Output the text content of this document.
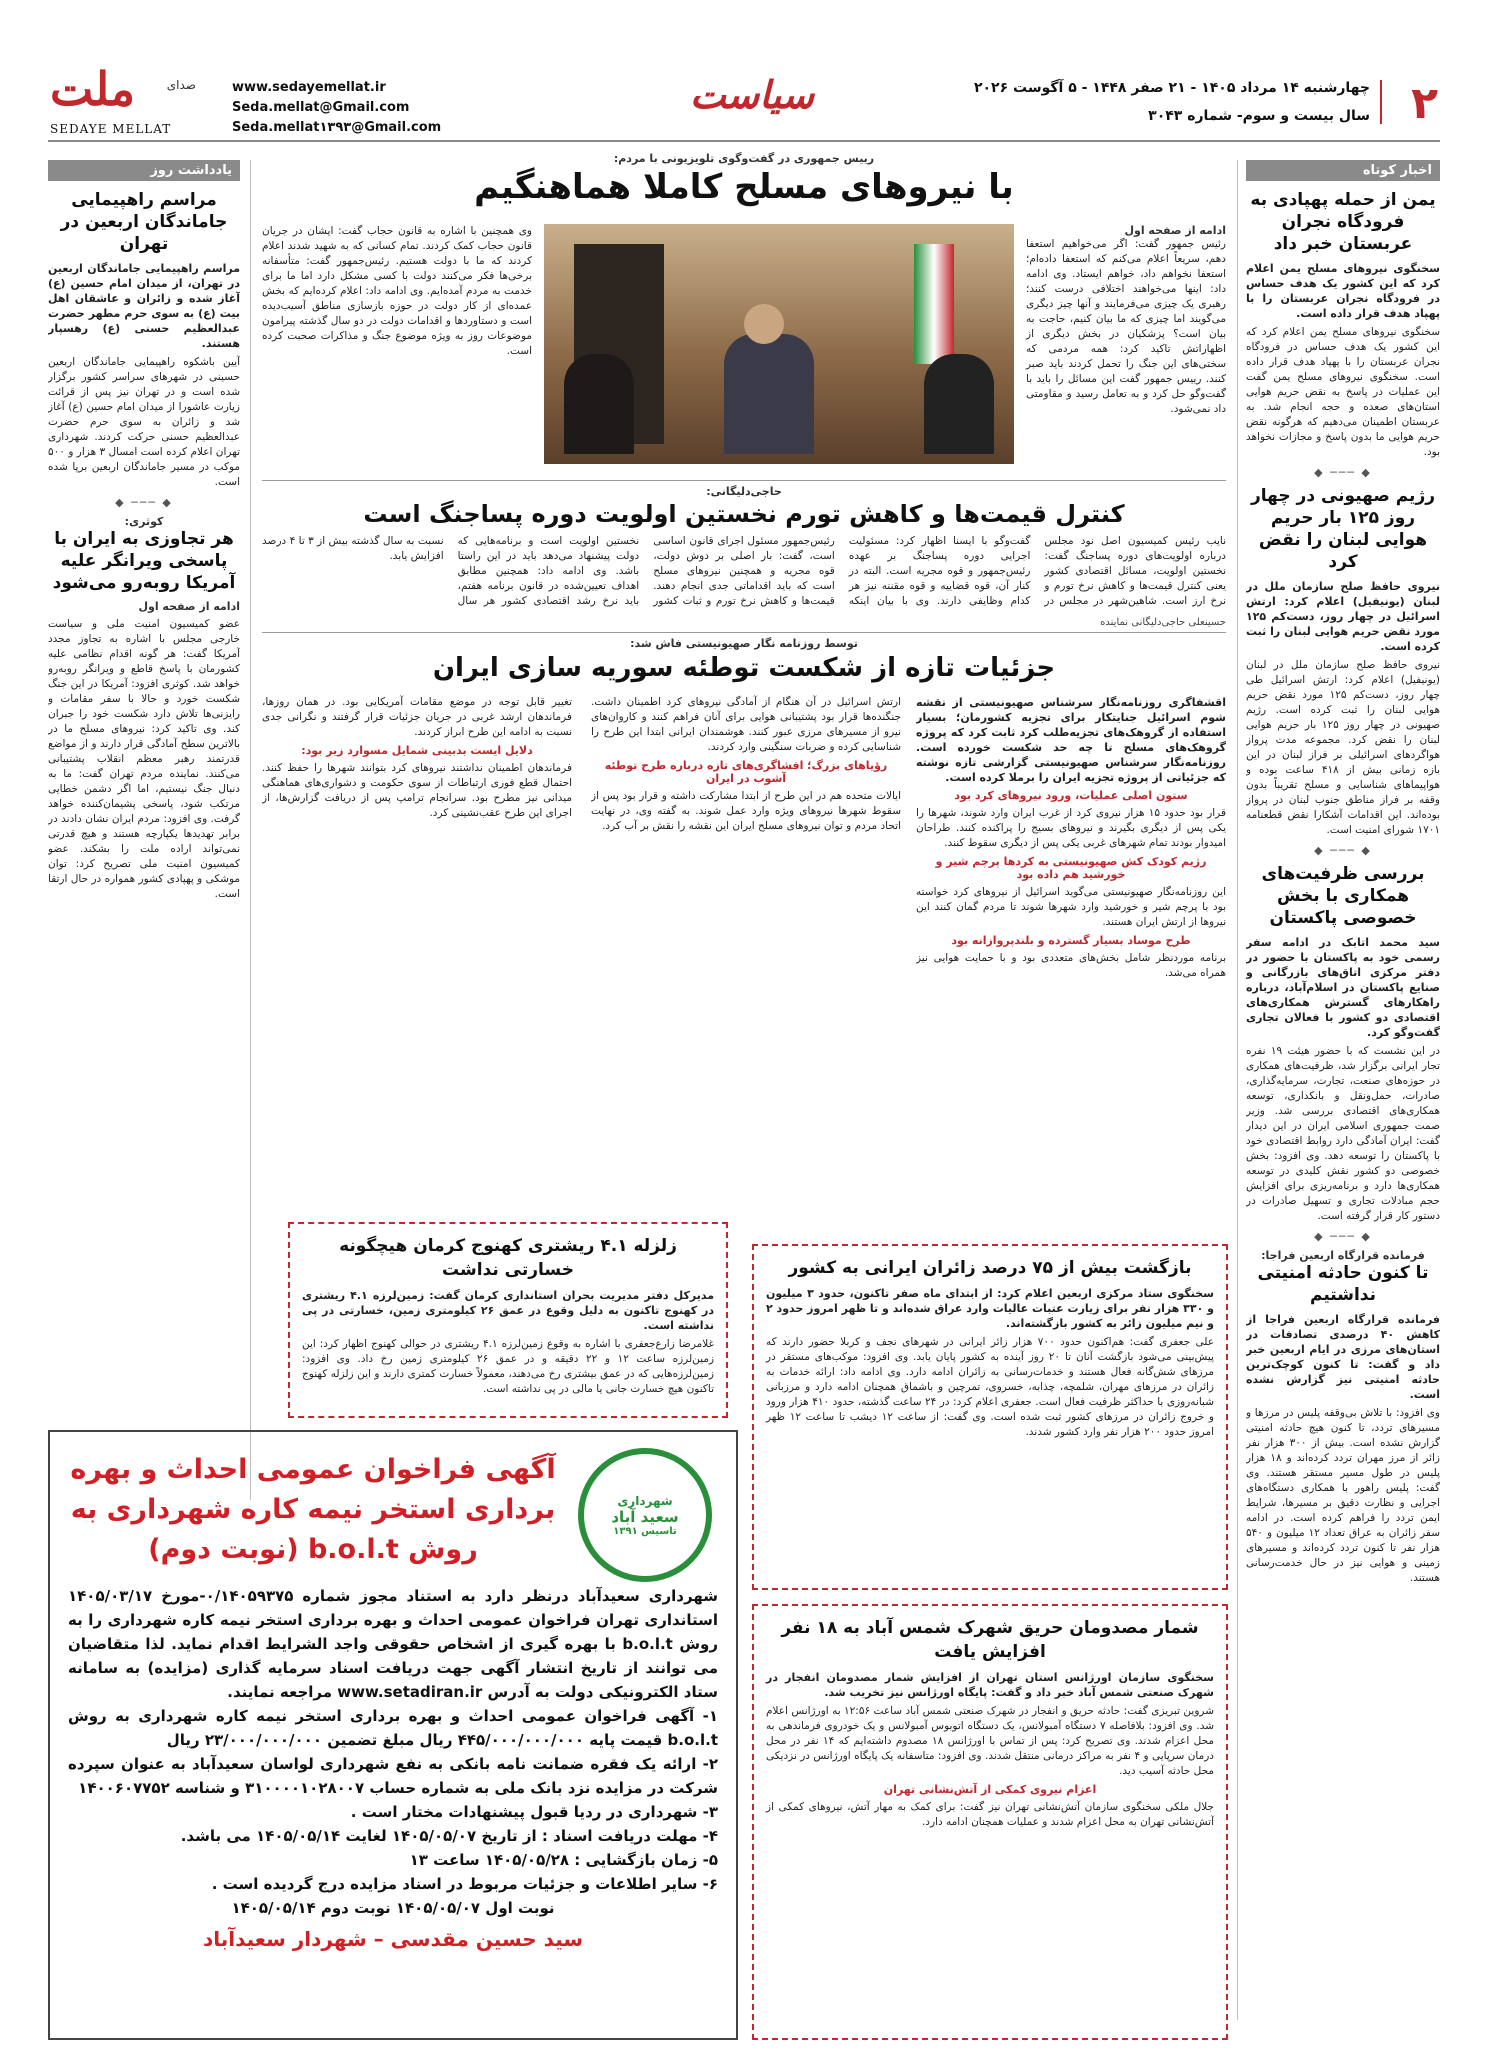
۲
چهارشنبه ۱۴ مرداد ۱۴۰۵ - ۲۱ صفر ۱۴۴۸ - ۵ آگوست ۲۰۲۶
سال بیست و سوم- شماره ۳۰۴۳
سیاست
www.sedayemellat.ir
Seda.mellat@Gmail.com
Seda.mellat۱۳۹۳@Gmail.com
ملت	صدای
SEDAYE MELLAT
اخبار کوتاه
یمن از حمله پهپادی به فرودگاه نجران عربستان خبر داد
سخنگوی نیروهای مسلح یمن اعلام کرد که این کشور یک هدف حساس در فرودگاه نجران عربستان را با پهپاد هدف قرار داده است.
سخنگوی نیروهای مسلح یمن اعلام کرد که این کشور یک هدف حساس در فرودگاه نجران عربستان را با پهپاد هدف قرار داده است. سخنگوی نیروهای مسلح یمن گفت این عملیات در پاسخ به نقض حریم هوایی استان‌های صعده و حجه انجام شد. به عربستان اطمینان می‌دهیم که هرگونه نقض حریم هوایی ما بدون پاسخ و مجازات نخواهد بود.
◆ ─── ◆
رژیم صهیونی در چهار روز ۱۲۵ بار حریم هوایی لبنان را نقض کرد
نیروی حافظ صلح سازمان ملل در لبنان (یونیفیل) اعلام کرد: ارتش اسرائیل در چهار روز، دست‌کم ۱۲۵ مورد نقض حریم هوایی لبنان را ثبت کرده است.
نیروی حافظ صلح سازمان ملل در لبنان (یونیفیل) اعلام کرد: ارتش اسرائیل طی چهار روز، دست‌کم ۱۲۵ مورد نقض حریم هوایی لبنان را ثبت کرده است. رژیم صهیونی در چهار روز ۱۲۵ بار حریم هوایی لبنان را نقض کرد. مجموعه مدت پرواز هواگردهای اسرائیلی بر فراز لبنان در این بازه زمانی بیش از ۴۱۸ ساعت بوده و هواپیماهای شناسایی و مسلح تقریباً بدون وقفه بر فراز مناطق جنوب لبنان در پرواز بوده‌اند. این اقدامات آشکارا نقض قطعنامه ۱۷۰۱ شورای امنیت است.
◆ ─── ◆
بررسی ظرفیت‌های همکاری با بخش خصوصی پاکستان
سید محمد اتابک در ادامه سفر رسمی خود به پاکستان با حضور در دفتر مرکزی اتاق‌های بازرگانی و صنایع پاکستان در اسلام‌آباد، درباره راهکارهای گسترش همکاری‌های اقتصادی دو کشور با فعالان تجاری گفت‌وگو کرد.
در این نشست که با حضور هیئت ۱۹ نفره تجار ایرانی برگزار شد، ظرفیت‌های همکاری در حوزه‌های صنعت، تجارت، سرمایه‌گذاری، صادرات، حمل‌ونقل و بانکداری، توسعه همکاری‌های اقتصادی بررسی شد. وزیر صمت جمهوری اسلامی ایران در این دیدار گفت: ایران آمادگی دارد روابط اقتصادی خود با پاکستان را توسعه دهد. وی افزود: بخش خصوصی دو کشور نقش کلیدی در توسعه همکاری‌ها دارد و برنامه‌ریزی برای افزایش حجم مبادلات تجاری و تسهیل صادرات در دستور کار قرار گرفته است.
◆ ─── ◆
فرمانده قرارگاه اربعین فراجا:
تا کنون حادثه امنیتی نداشتیم
فرمانده قرارگاه اربعین فراجا از کاهش ۴۰ درصدی تصادفات در استان‌های مرزی در ایام اربعین خبر داد و گفت: تا کنون کوچک‌ترین حادثه امنیتی نیز گزارش نشده است.
وی افزود: با تلاش بی‌وقفه پلیس در مرزها و مسیرهای تردد، تا کنون هیچ حادثه امنیتی گزارش نشده است. بیش از ۳۰۰ هزار نفر زائر از مرز مهران تردد کرده‌اند و ۱۸ هزار پلیس در طول مسیر مستقر هستند. وی گفت: پلیس راهور با همکاری دستگاه‌های اجرایی و نظارت دقیق بر مسیرها، شرایط ایمن تردد را فراهم کرده است. در ادامه سفر زائران به عراق تعداد ۱۲ میلیون و ۵۴۰ هزار نفر تا کنون تردد کرده‌اند و مسیرهای زمینی و هوایی نیز در حال خدمت‌رسانی هستند.
یادداشت روز
مراسم راهپیمایی جاماندگان اربعین در تهران
مراسم راهپیمایی جاماندگان اربعین در تهران، از میدان امام حسین (ع) آغاز شده و زائران و عاشقان اهل بیت (ع) به سوی حرم مطهر حضرت عبدالعظیم حسنی (ع) رهسپار هستند.
آیین باشکوه راهپیمایی جاماندگان اربعین حسینی در شهرهای سراسر کشور برگزار شده است و در تهران نیز پس از قرائت زیارت عاشورا از میدان امام حسین (ع) آغاز شد و زائران به سوی حرم حضرت عبدالعظیم حسنی حرکت کردند. شهرداری تهران اعلام کرده است امسال ۳ هزار و ۵۰۰ موکب در مسیر جاماندگان اربعین برپا شده است.
◆ ─── ◆
کوثری:
هر تجاوزی به ایران با پاسخی ویرانگر علیه آمریکا روبه‌رو می‌شود
ادامه از صفحه اول
عضو کمیسیون امنیت ملی و سیاست خارجی مجلس با اشاره به تجاوز مجدد آمریکا گفت: هر گونه اقدام نظامی علیه کشورمان با پاسخ قاطع و ویرانگر روبه‌رو خواهد شد. کوثری افزود: آمریکا در این جنگ شکست خورد و حالا با سفر مقامات و رایزنی‌ها تلاش دارد شکست خود را جبران کند. وی تاکید کرد: نیروهای مسلح ما در بالاترین سطح آمادگی قرار دارند و از مواضع قدرتمند رهبر معظم انقلاب پشتیبانی می‌کنند. نماینده مردم تهران گفت: ما به دنبال جنگ نیستیم، اما اگر دشمن خطایی مرتکب شود، پاسخی پشیمان‌کننده خواهد گرفت. وی افزود: مردم ایران نشان دادند در برابر تهدیدها یکپارچه هستند و هیچ قدرتی نمی‌تواند اراده ملت را بشکند. عضو کمیسیون امنیت ملی تصریح کرد: توان موشکی و پهپادی کشور همواره در حال ارتقا است.
رییس جمهوری در گفت‌وگوی تلویزیونی با مردم:
با نیروهای مسلح کاملا هماهنگیم
ادامه از صفحه اول
رئیس جمهور گفت: اگر می‌خواهیم استعفا دهم، سریعاً اعلام می‌کنم که استعفا داده‌ام؛ استعفا نخواهم داد، خواهم ایستاد. وی ادامه داد: اینها می‌خواهند اختلافی درست کنند؛ رهبری یک چیزی می‌فرمایند و آنها چیز دیگری می‌گویند اما چیزی که ما بیان کنیم، حاجت به بیان است؟ پزشکیان در بخش دیگری از اظهاراتش تاکید کرد: همه مردمی که سختی‌های این جنگ را تحمل کردند باید صبر کنند. رییس جمهور گفت این مسائل را باید با گفت‌وگو حل کرد و به تعامل رسید و مقاومتی داد نمی‌شود.
وی همچنین با اشاره به قانون حجاب گفت: ایشان در جریان قانون حجاب کمک کردند. تمام کسانی که به شهید شدند اعلام کردند که ما با دولت هستیم. رئیس‌جمهور گفت: متأسفانه برخی‌ها فکر می‌کنند دولت با کسی مشکل دارد اما ما برای خدمت به مردم آمده‌ایم. وی ادامه داد: اعلام کرده‌ایم که بخش عمده‌ای از کار دولت در حوزه بازسازی مناطق آسیب‌دیده است و دستاوردها و اقدامات دولت در دو سال گذشته پیرامون موضوعات روز به ویژه موضوع جنگ و مذاکرات صحبت کرده است.
حاجی‌دلیگانی:
کنترل قیمت‌ها و کاهش تورم نخستین اولویت دوره پساجنگ است
نایب رئیس کمیسیون اصل نود مجلس درباره اولویت‌های دوره پساجنگ گفت: نخستین اولویت، مسائل اقتصادی کشور یعنی کنترل قیمت‌ها و کاهش نرخ تورم و نرخ ارز است. شاهین‌شهر در مجلس در گفت‌وگو با ایسنا اظهار کرد: مسئولیت اجرایی دوره پساجنگ بر عهده رئیس‌جمهور و قوه مجریه است. البته در کنار آن، قوه قضاییه و قوه مقننه نیز هر کدام وظایفی دارند. وی با بیان اینکه رئیس‌جمهور مسئول اجرای قانون اساسی است، گفت: بار اصلی بر دوش دولت، قوه مجریه و همچنین نیروهای مسلح است که باید اقداماتی جدی انجام دهند. قیمت‌ها و کاهش نرخ تورم و ثبات کشور نخستین اولویت است و برنامه‌هایی که دولت پیشنهاد می‌دهد باید در این راستا باشد. وی ادامه داد: همچنین مطابق اهداف تعیین‌شده در قانون برنامه هفتم، باید نرخ رشد اقتصادی کشور هر سال نسبت به سال گذشته بیش از ۳ تا ۴ درصد افزایش یابد.
حسینعلی حاجی‌دلیگانی نماینده
توسط روزنامه نگار صهیونیستی فاش شد:
جزئیات تازه از شکست توطئه سوریه سازی ایران
اقشفاگری روزنامه‌نگار سرشناس صهیونیستی از نقشه شوم اسرائیل جنایتکار برای تجزیه کشورمان؛ بسیار استفاده از گروهک‌های تجزیه‌طلب کرد ثابت کرد که پروژه گروهک‌های مسلح تا چه حد شکست خورده است. روزنامه‌نگار سرشناس صهیونیستی گزارشی تازه نوشته که جزئیاتی از پروژه تجزیه ایران را برملا کرده است.
ستون اصلی عملیات، ورود نیروهای کرد بود
قرار بود حدود ۱۵ هزار نیروی کرد از غرب ایران وارد شوند، شهرها را یکی پس از دیگری بگیرند و نیروهای بسیج را پراکنده کنند. طراحان امیدوار بودند تمام شهرهای غربی یکی پس از دیگری سقوط کنند.
رژیم کودک کش صهیونیستی به کردها پرچم شیر و خورشید هم داده بود
این روزنامه‌نگار صهیونیستی می‌گوید اسرائیل از نیروهای کرد خواسته بود با پرچم شیر و خورشید وارد شهرها شوند تا مردم گمان کنند این نیروها از ارتش ایران هستند.
طرح موساد بسیار گسترده و بلندپروازانه بود
برنامه موردنظر شامل بخش‌های متعددی بود و با حمایت هوایی نیز همراه می‌شد.
ارتش اسرائیل در آن هنگام از آمادگی نیروهای کرد اطمینان داشت. جنگنده‌ها قرار بود پشتیبانی هوایی برای آنان فراهم کنند و کاروان‌های نیرو از مسیرهای مرزی عبور کنند. هوشمندان ایرانی ابتدا این طرح را شناسایی کرده و ضربات سنگینی وارد کردند.
رؤیاهای بزرگ؛ افشاگری‌های تازه درباره طرح توطئه آشوب در ایران
ایالات متحده هم در این طرح از ابتدا مشارکت داشته و قرار بود پس از سقوط شهرها نیروهای ویژه وارد عمل شوند. به گفته وی، در نهایت اتحاد مردم و توان نیروهای مسلح ایران این نقشه را نقش بر آب کرد.
تغییر قابل توجه در موضع مقامات آمریکایی بود. در همان روزها، فرماندهان ارشد غربی در جریان جزئیات قرار گرفتند و نگرانی جدی نسبت به ادامه این طرح ابراز کردند.
دلایل ایست بدبینی شمایل مسوارد زیر بود:
فرماندهان اطمینان نداشتند نیروهای کرد بتوانند شهرها را حفظ کنند. احتمال قطع فوری ارتباطات از سوی حکومت و دشواری‌های هماهنگی میدانی نیز مطرح بود. سرانجام ترامپ پس از دریافت گزارش‌ها، از اجرای این طرح عقب‌نشینی کرد.
زلزله ۴.۱ ریشتری کهنوج کرمان هیچگونه خسارتی نداشت
مدیرکل دفتر مدیریت بحران استانداری کرمان گفت: زمین‌لرزه ۴.۱ ریشتری در کهنوج تاکنون به دلیل وقوع در عمق ۲۶ کیلومتری زمین، خسارتی در پی نداشته است.
غلامرضا زارع‌جعفری با اشاره به وقوع زمین‌لرزه ۴.۱ ریشتری در حوالی کهنوج اظهار کرد: این زمین‌لرزه ساعت ۱۲ و ۲۲ دقیقه و در عمق ۲۶ کیلومتری زمین رخ داد. وی افزود: زمین‌لرزه‌هایی که در عمق بیشتری رخ می‌دهند، معمولاً خسارت کمتری دارند و این زلزله کهنوج تاکنون هیچ خسارت جانی یا مالی در پی نداشته است.
بازگشت بیش از ۷۵ درصد زائران ایرانی به کشور
سخنگوی ستاد مرکزی اربعین اعلام کرد: از ابتدای ماه صفر تاکنون، حدود ۳ میلیون و ۳۳۰ هزار نفر برای زیارت عتبات عالیات وارد عراق شده‌اند و تا ظهر امروز حدود ۲ و نیم میلیون زائر به کشور بازگشته‌اند.
علی جعفری گفت: هم‌اکنون حدود ۷۰۰ هزار زائر ایرانی در شهرهای نجف و کربلا حضور دارند که پیش‌بینی می‌شود بازگشت آنان تا ۲۰ روز آینده به کشور پایان یابد. وی افزود: موکب‌های مستقر در مرزهای شش‌گانه فعال هستند و خدمات‌رسانی به زائران ادامه دارد. وی ادامه داد: ارائه خدمات به زائران در مرزهای مهران، شلمچه، چذابه، خسروی، تمرچین و باشماق همچنان ادامه دارد و مرزبانی شبانه‌روزی با حداکثر ظرفیت فعال است. جعفری اعلام کرد: در ۲۴ ساعت گذشته، حدود ۴۱۰ هزار ورود و خروج زائران در مرزهای کشور ثبت شده است. وی گفت: از ساعت ۱۲ دیشب تا ساعت ۱۲ ظهر امروز حدود ۲۰۰ هزار نفر وارد کشور شدند.
شمار مصدومان حریق شهرک شمس آباد به ۱۸ نفر افزایش یافت
سخنگوی سازمان اورژانس استان تهران از افزایش شمار مصدومان انفجار در شهرک صنعتی شمس آباد خبر داد و گفت: پایگاه اورژانس نیز تخریب شد.
شروین تبریزی گفت: حادثه حریق و انفجار در شهرک صنعتی شمس آباد ساعت ۱۲:۵۶ به اورژانس اعلام شد. وی افزود: بلافاصله ۷ دستگاه آمبولانس، یک دستگاه اتوبوس آمبولانس و یک خودروی فرماندهی به محل اعزام شدند. وی تصریح کرد: پس از تماس با اورژانس ۱۸ مصدوم داشته‌ایم که ۱۴ نفر در محل درمان سرپایی و ۴ نفر به مراکز درمانی منتقل شدند. وی افزود: متاسفانه یک پایگاه اورژانس در نزدیکی محل حادثه آسیب دید.
اعزام نیروی کمکی از آتش‌نشانی تهران
جلال ملکی سخنگوی سازمان آتش‌نشانی تهران نیز گفت: برای کمک به مهار آتش، نیروهای کمکی از آتش‌نشانی تهران به محل اعزام شدند و عملیات همچنان ادامه دارد.
شهرداری
سعید آباد
تاسیس ۱۳۹۱
آگهی فراخوان عمومی احداث و بهره برداری استخر نیمه کاره شهرداری به روش b.o.l.t (نوبت دوم)
شهرداری سعیدآباد درنظر دارد به استناد مجوز شماره ۰/۱۴۰۵۹۳۷۵-مورخ ۱۴۰۵/۰۳/۱۷ استانداری تهران فراخوان عمومی احداث و بهره برداری استخر نیمه کاره شهرداری را به روش b.o.l.t با بهره گیری از اشخاص حقوقی واجد الشرایط اقدام نماید. لذا متقاضیان می توانند از تاریخ انتشار آگهی جهت دریافت اسناد سرمایه گذاری (مزایده) به سامانه ستاد الکترونیکی دولت به آدرس www.setadiran.ir مراجعه نمایند.
۱- آگهی فراخوان عمومی احداث و بهره برداری استخر نیمه کاره شهرداری به روش b.o.l.t قیمت پایه ۴۴۵/۰۰۰/۰۰۰/۰۰۰ ریال مبلغ تضمین ۲۳/۰۰۰/۰۰۰/۰۰۰ ریال
۲- ارائه یک فقره ضمانت نامه بانکی به نفع شهرداری لواسان سعیدآباد به عنوان سپرده شرکت در مزایده نزد بانک ملی به شماره حساب ۳۱۰۰۰۰۱۰۲۸۰۰۷ و شناسه ۱۴۰۰۶۰۷۷۵۲
۳- شهرداری در ردیا قبول پیشنهادات مختار است .
۴- مهلت دریافت اسناد : از تاریخ ۱۴۰۵/۰۵/۰۷ لغایت ۱۴۰۵/۰۵/۱۴ می باشد.
۵- زمان بازگشایی : ۱۴۰۵/۰۵/۲۸ ساعت ۱۳
۶- سایر اطلاعات و جزئیات مربوط در اسناد مزایده درج گردیده است .
نوبت اول ۱۴۰۵/۰۵/۰۷ نوبت دوم ۱۴۰۵/۰۵/۱۴
سید حسین مقدسی – شهردار سعیدآباد
